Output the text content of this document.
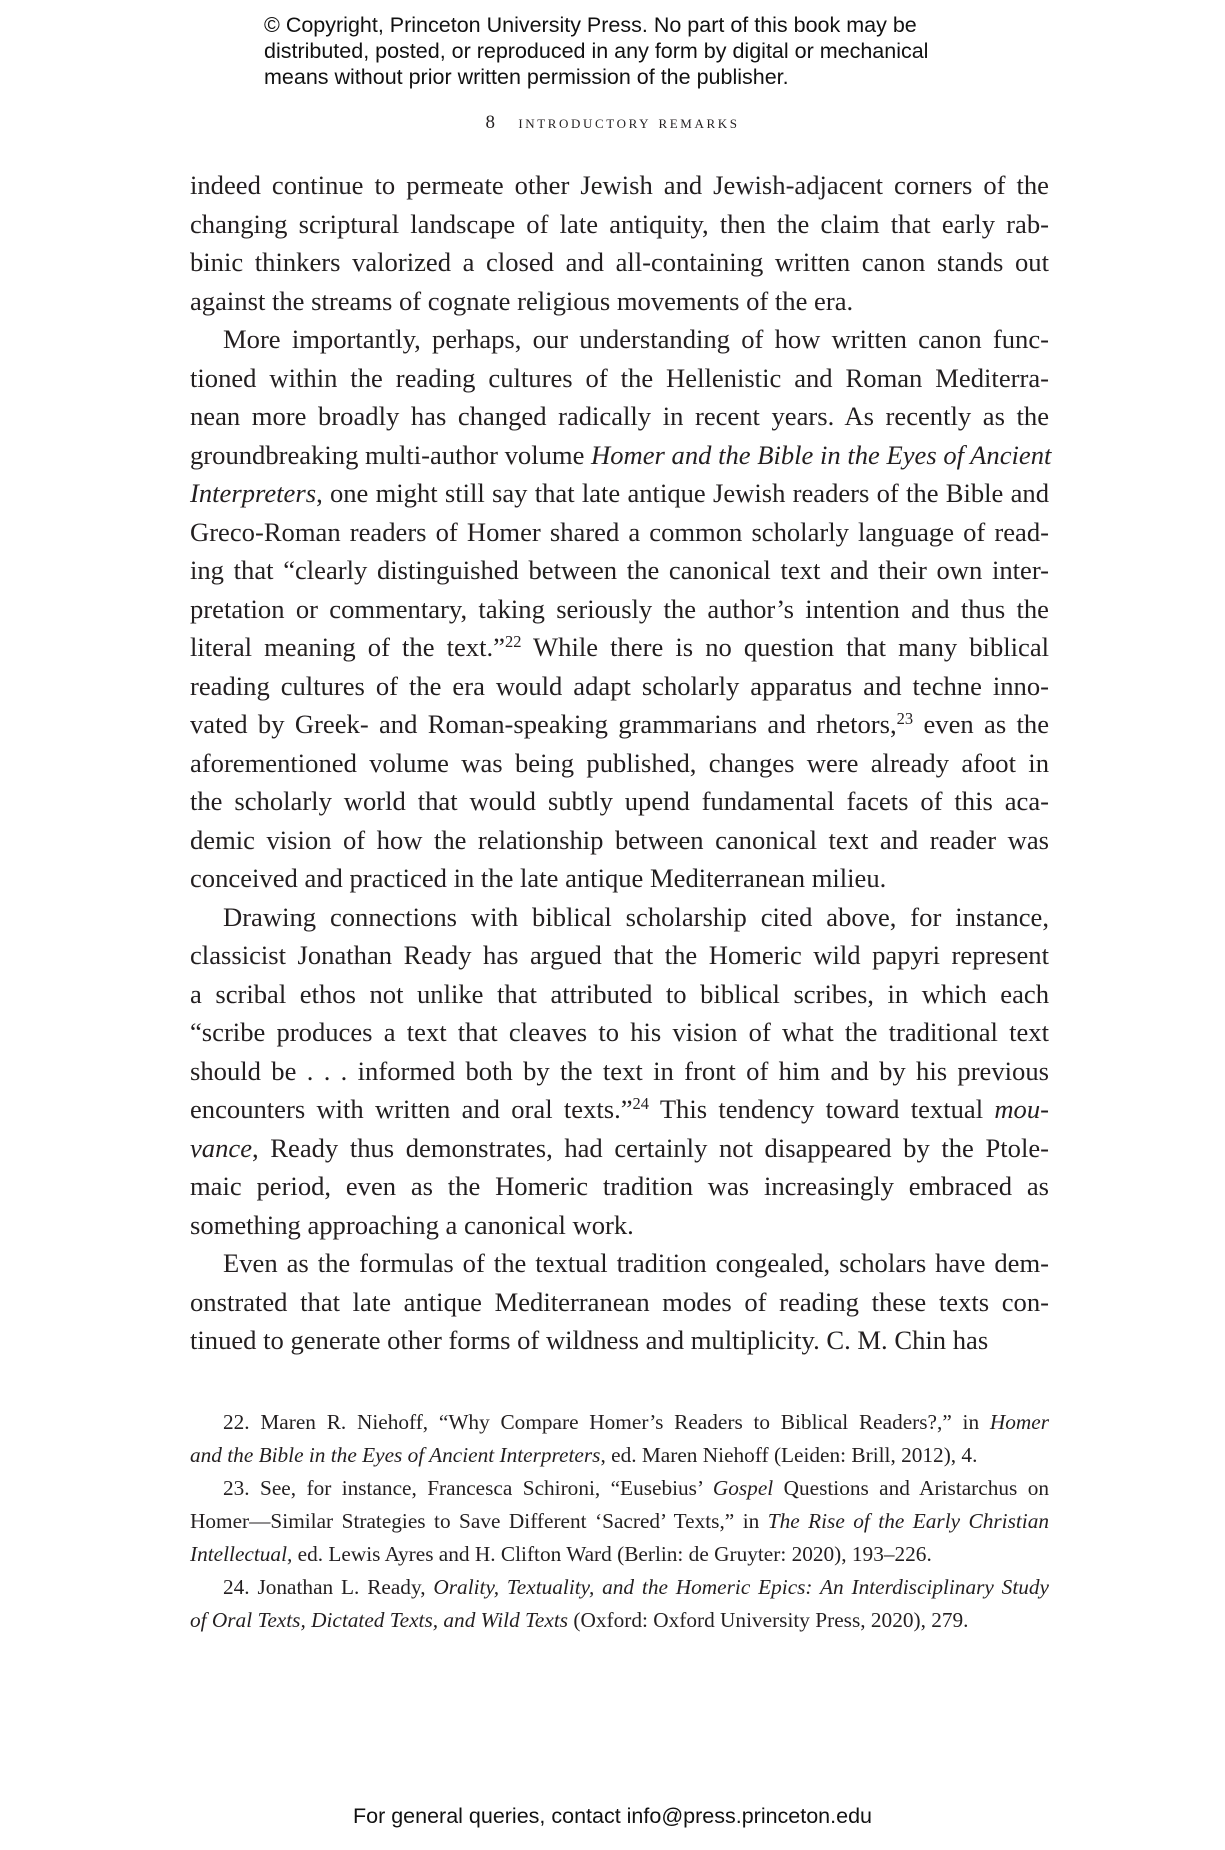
© Copyright, Princeton University Press. No part of this book may be
distributed, posted, or reproduced in any form by digital or mechanical
means without prior written permission of the publisher.
8 introductory remarks
indeed continue to permeate other Jewish and Jewish-adjacent corners of the
changing scriptural landscape of late antiquity, then the claim that early rab-
binic thinkers valorized a closed and all-containing written canon stands out
against the streams of cognate religious movements of the era.
More importantly, perhaps, our understanding of how written canon func-
tioned within the reading cultures of the Hellenistic and Roman Mediterra-
nean more broadly has changed radically in recent years. As recently as the
groundbreaking multi-author volume Homer and the Bible in the Eyes of Ancient
Interpreters, one might still say that late antique Jewish readers of the Bible and
Greco-Roman readers of Homer shared a common scholarly language of read-
ing that “clearly distinguished between the canonical text and their own inter-
pretation or commentary, taking seriously the author’s intention and thus the
literal meaning of the text.”$^{22}$ While there is no question that many biblical
reading cultures of the era would adapt scholarly apparatus and techne inno-
vated by Greek- and Roman-speaking grammarians and rhetors,$^{23}$ even as the
aforementioned volume was being published, changes were already afoot in
the scholarly world that would subtly upend fundamental facets of this aca-
demic vision of how the relationship between canonical text and reader was
conceived and practiced in the late antique Mediterranean milieu.
Drawing connections with biblical scholarship cited above, for instance,
classicist Jonathan Ready has argued that the Homeric wild papyri represent
a scribal ethos not unlike that attributed to biblical scribes, in which each
“scribe produces a text that cleaves to his vision of what the traditional text
should be . . . informed both by the text in front of him and by his previous
encounters with written and oral texts.”$^{24}$ This tendency toward textual mou-
vance, Ready thus demonstrates, had certainly not disappeared by the Ptole-
maic period, even as the Homeric tradition was increasingly embraced as
something approaching a canonical work.
Even as the formulas of the textual tradition congealed, scholars have dem-
onstrated that late antique Mediterranean modes of reading these texts con-
tinued to generate other forms of wildness and multiplicity. C. M. Chin has
22. Maren R. Niehoff, “Why Compare Homer’s Readers to Biblical Readers?,” in Homer
and the Bible in the Eyes of Ancient Interpreters, ed. Maren Niehoff (Leiden: Brill, 2012), 4.
23. See, for instance, Francesca Schironi, “Eusebius’ Gospel Questions and Aristarchus on
Homer—Similar Strategies to Save Different ‘Sacred’ Texts,” in The Rise of the Early Christian
Intellectual, ed. Lewis Ayres and H. Clifton Ward (Berlin: de Gruyter: 2020), 193–226.
24. Jonathan L. Ready, Orality, Textuality, and the Homeric Epics: An Interdisciplinary Study
of Oral Texts, Dictated Texts, and Wild Texts (Oxford: Oxford University Press, 2020), 279.
For general queries, contact info@press.princeton.edu
